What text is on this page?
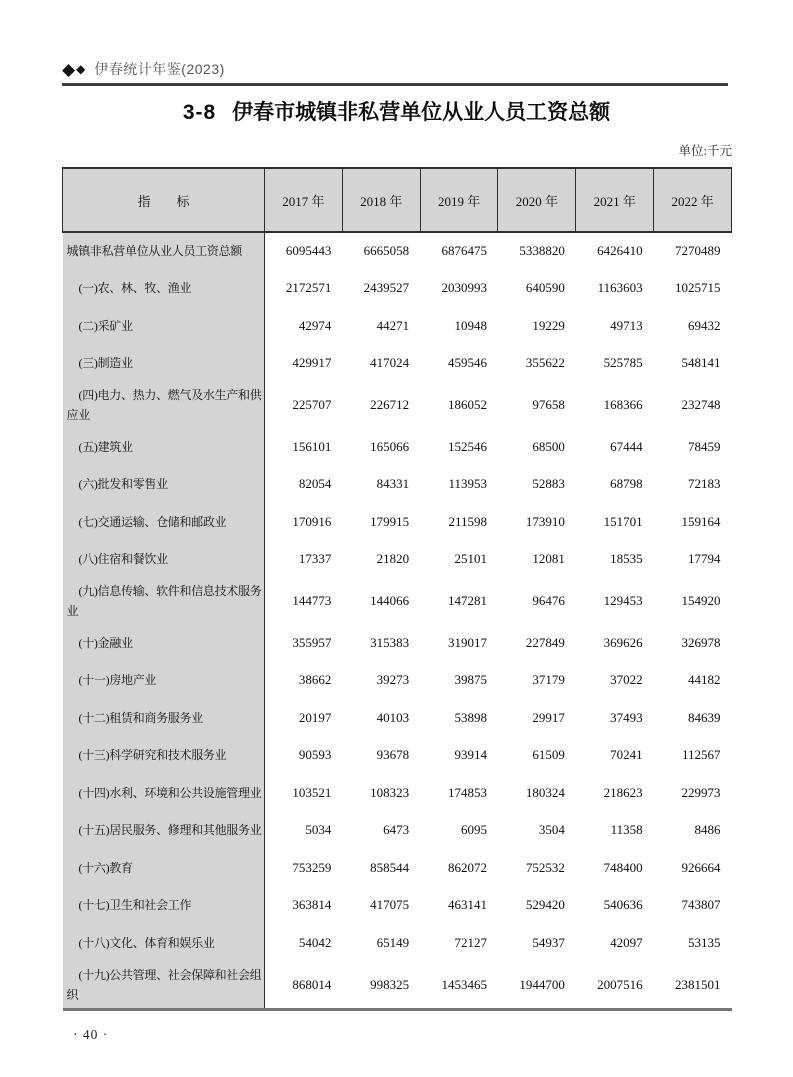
◆ ◆ 伊春统计年鉴(2023)
3-8 伊春市城镇非私营单位从业人员工资总额
单位:千元
指　　标	2017 年	2018 年	2019 年	2020 年	2021 年	2022 年
城镇非私营单位从业人员工资总额	6095443	6665058	6876475	5338820	6426410	7270489
(一)农、林、牧、渔业	2172571	2439527	2030993	640590	1163603	1025715
(二)采矿业	42974	44271	10948	19229	49713	69432
(三)制造业	429917	417024	459546	355622	525785	548141
(四)电力、热力、燃气及水生产和供应业	225707	226712	186052	97658	168366	232748
(五)建筑业	156101	165066	152546	68500	67444	78459
(六)批发和零售业	82054	84331	113953	52883	68798	72183
(七)交通运输、仓储和邮政业	170916	179915	211598	173910	151701	159164
(八)住宿和餐饮业	17337	21820	25101	12081	18535	17794
(九)信息传输、软件和信息技术服务业	144773	144066	147281	96476	129453	154920
(十)金融业	355957	315383	319017	227849	369626	326978
(十一)房地产业	38662	39273	39875	37179	37022	44182
(十二)租赁和商务服务业	20197	40103	53898	29917	37493	84639
(十三)科学研究和技术服务业	90593	93678	93914	61509	70241	112567
(十四)水利、环境和公共设施管理业	103521	108323	174853	180324	218623	229973
(十五)居民服务、修理和其他服务业	5034	6473	6095	3504	11358	8486
(十六)教育	753259	858544	862072	752532	748400	926664
(十七)卫生和社会工作	363814	417075	463141	529420	540636	743807
(十八)文化、体育和娱乐业	54042	65149	72127	54937	42097	53135
(十九)公共管理、社会保障和社会组织	868014	998325	1453465	1944700	2007516	2381501
· 40 ·
